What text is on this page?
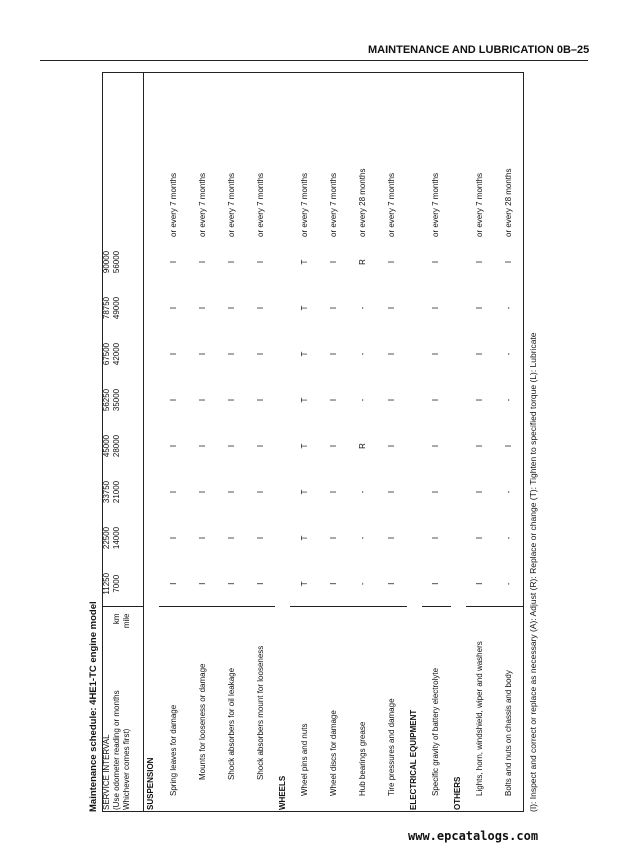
MAINTENANCE AND LUBRICATION 0B–25
Maintenance schedule: 4HE1-TC engine model SERVICE INTERVAL (Use odometer reading or months Whichever comes first)
km mile	11250 7000	22500 14000	33750 21000	45000 28000	56250 35000	67500 42000	78750 49000	90000 56000	

SUSPENSION									
Spring leaves for damage	I	I	I	I	I	I	I	I	or every 7 months
Mounts for looseness or damage	I	I	I	I	I	I	I	I	or every 7 months
Shock absorbers for oil leakage	I	I	I	I	I	I	I	I	or every 7 months
Shock absorbers mount for looseness	I	I	I	I	I	I	I	I	or every 7 months
WHEELS									
Wheel pins and nuts	T	T	T	T	T	T	T	T	or every 7 months
Wheel discs for damage	I	I	I	I	I	I	I	I	or every 7 months
Hub bearings grease	-	-	-	R	-	-	-	R	or every 28 months
Tire pressures and damage	I	I	I	I	I	I	I	I	or every 7 months
ELECTRICAL EQUIPMENT									
Specific gravity of battery electrolyte	I	I	I	I	I	I	I	I	or every 7 months
OTHERS									
Lights, horn, windshield, wiper and washers	I	I	I	I	I	I	I	I	or every 7 months
Bolts and nuts on chassis and body	-	-	-	I	-	-	-	I	or every 28 months
(I): Inspect and correct or replace as necessary (A): Adjust (R): Replace or change (T): Tighten to specified torque (L): Lubricate
www.epcatalogs.com
